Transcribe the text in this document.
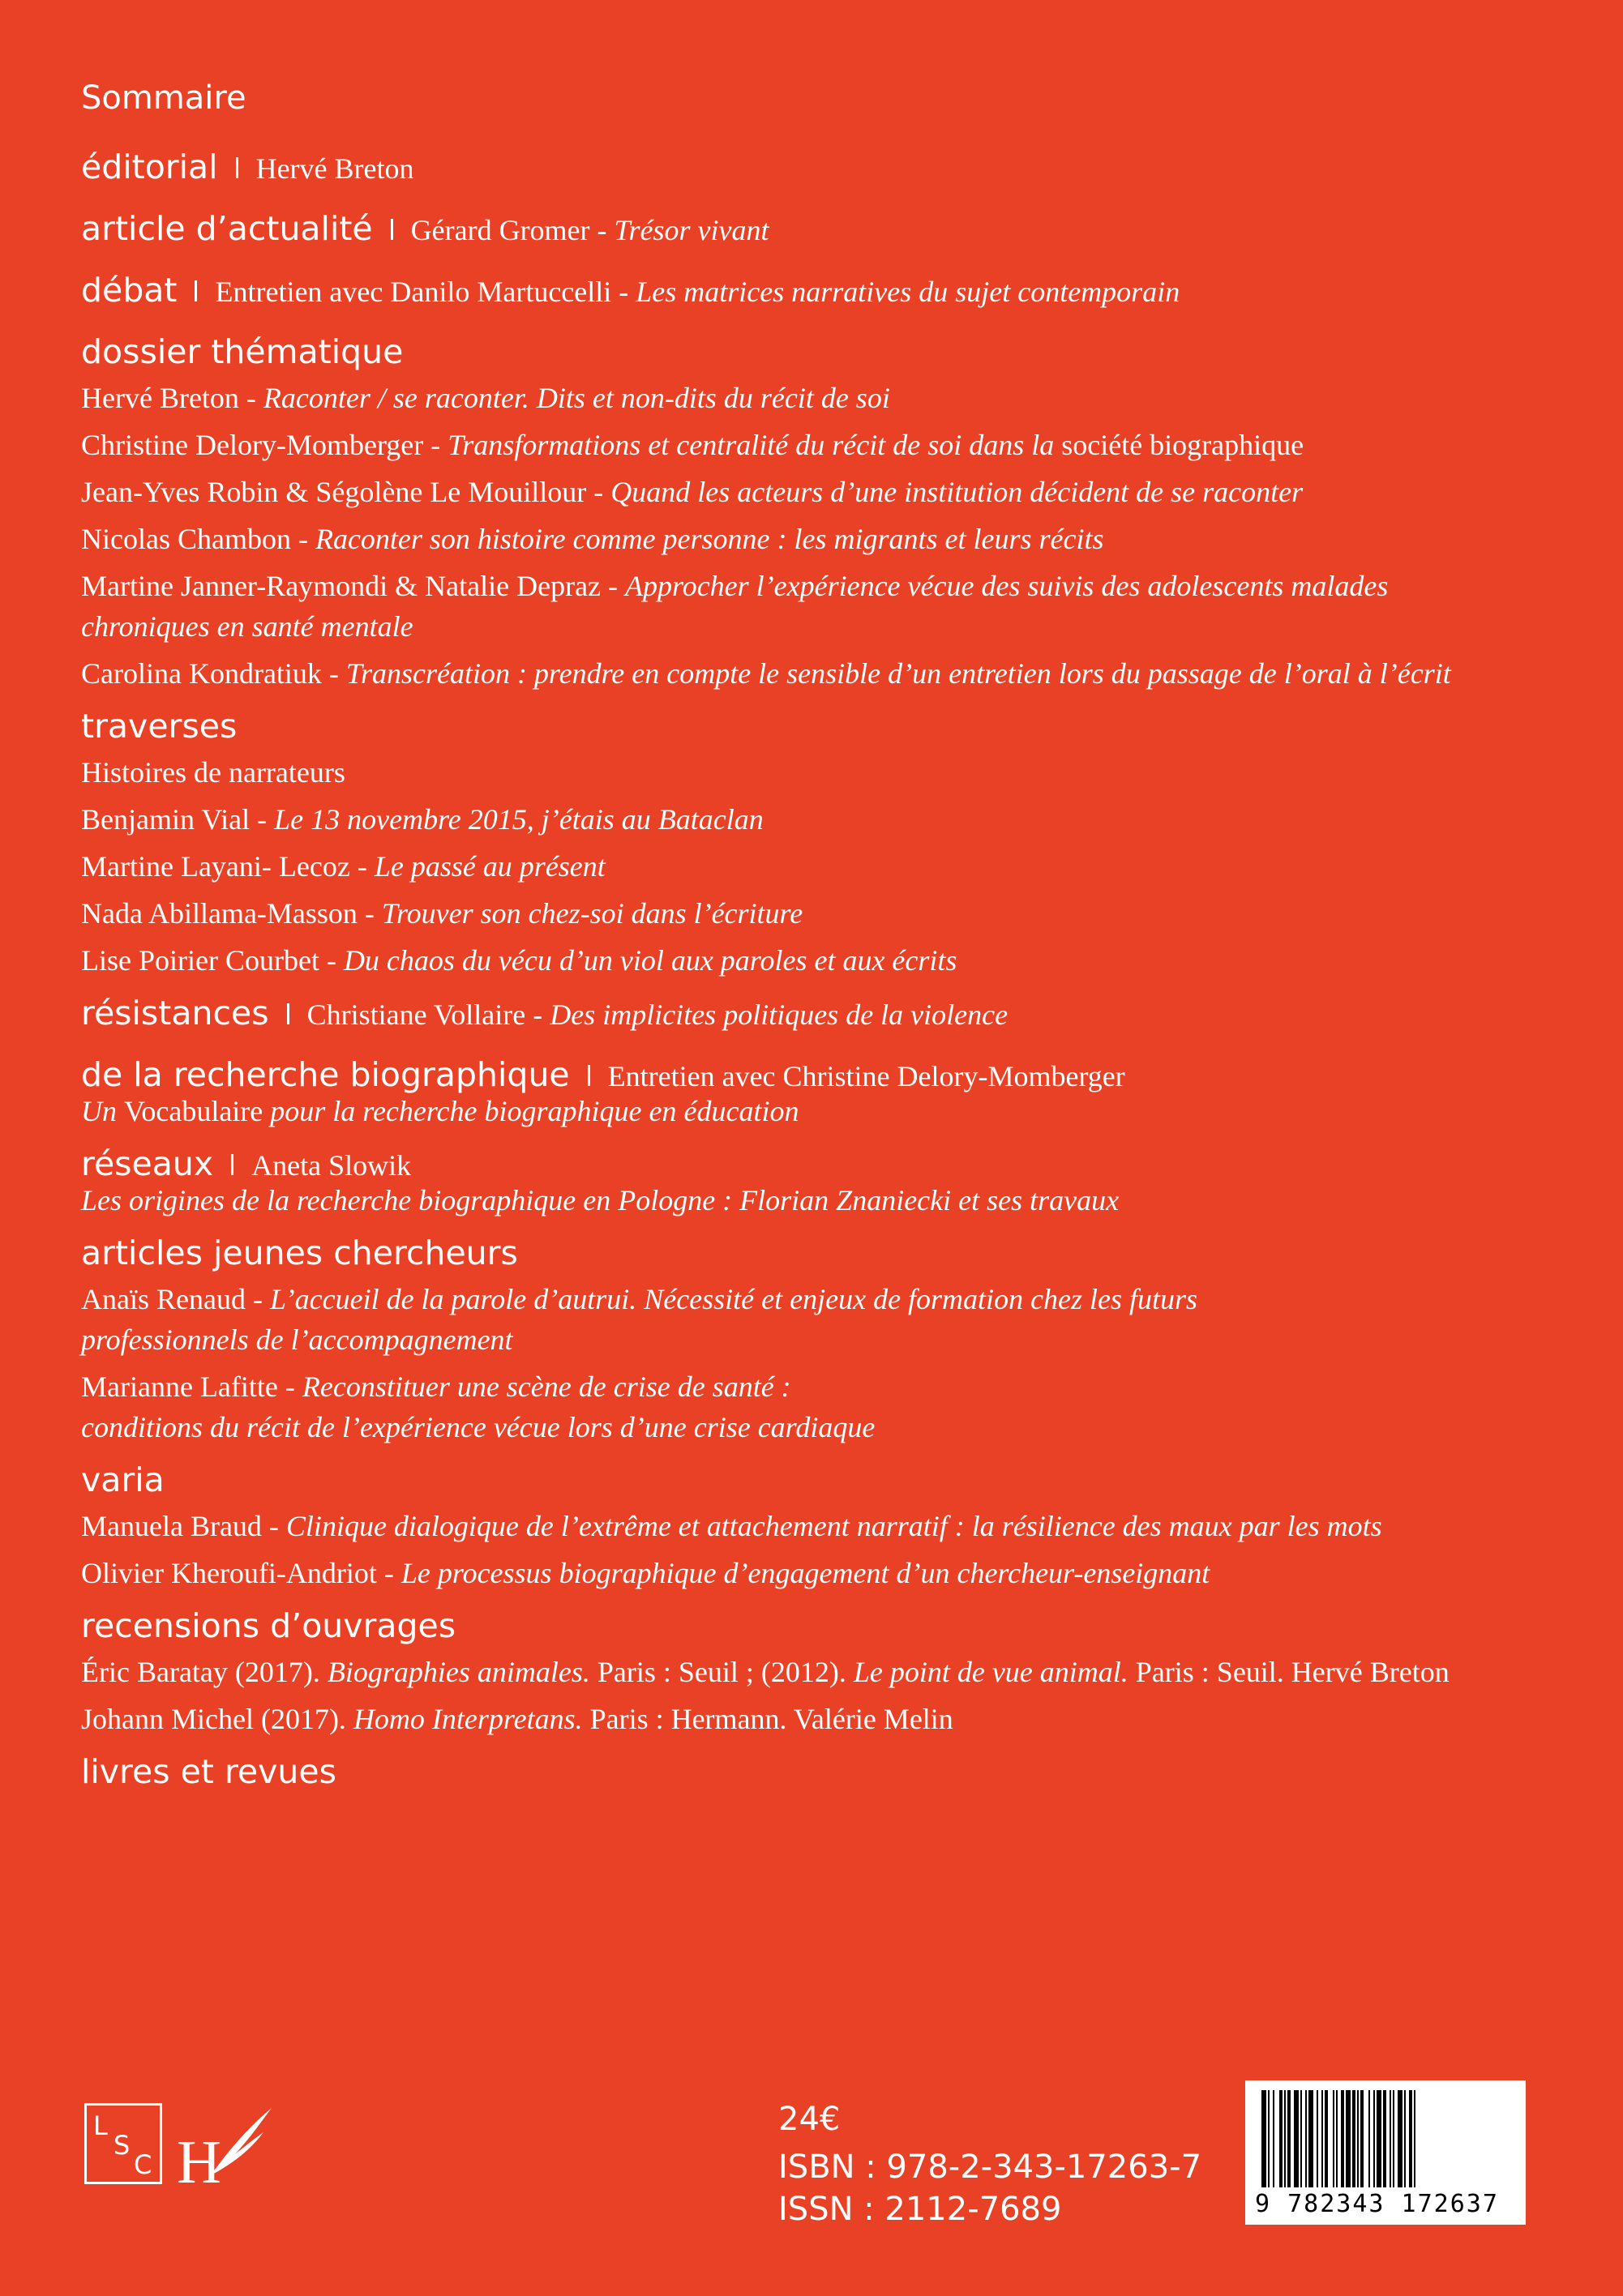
Sommaire
éditorial Hervé Breton
article d’actualité Gérard Gromer - Trésor vivant
débat Entretien avec Danilo Martuccelli - Les matrices narratives du sujet contemporain
dossier thématique
Hervé Breton - Raconter / se raconter. Dits et non-dits du récit de soi
Christine Delory-Momberger - Transformations et centralité du récit de soi dans la société biographique
Jean-Yves Robin & Ségolène Le Mouillour - Quand les acteurs d’une institution décident de se raconter
Nicolas Chambon - Raconter son histoire comme personne : les migrants et leurs récits
Martine Janner-Raymondi & Natalie Depraz - Approcher l’expérience vécue des suivis des adolescents malades
chroniques en santé mentale
Carolina Kondratiuk - Transcréation : prendre en compte le sensible d’un entretien lors du passage de l’oral à l’écrit
traverses
Histoires de narrateurs
Benjamin Vial - Le 13 novembre 2015, j’étais au Bataclan
Martine Layani- Lecoz - Le passé au présent
Nada Abillama-Masson - Trouver son chez-soi dans l’écriture
Lise Poirier Courbet - Du chaos du vécu d’un viol aux paroles et aux écrits
résistances Christiane Vollaire - Des implicites politiques de la violence
de la recherche biographique Entretien avec Christine Delory-Momberger
Un Vocabulaire pour la recherche biographique en éducation
réseaux Aneta Slowik
Les origines de la recherche biographique en Pologne : Florian Znaniecki et ses travaux
articles jeunes chercheurs
Anaïs Renaud - L’accueil de la parole d’autrui. Nécessité et enjeux de formation chez les futurs
professionnels de l’accompagnement
Marianne Lafitte - Reconstituer une scène de crise de santé :
conditions du récit de l’expérience vécue lors d’une crise cardiaque
varia
Manuela Braud - Clinique dialogique de l’extrême et attachement narratif : la résilience des maux par les mots
Olivier Kheroufi-Andriot - Le processus biographique d’engagement d’un chercheur-enseignant
recensions d’ouvrages
Éric Baratay (2017). Biographies animales. Paris : Seuil ; (2012). Le point de vue animal. Paris : Seuil. Hervé Breton
Johann Michel (2017). Homo Interpretans. Paris : Hermann. Valérie Melin
livres et revues
L
S
C H
24€
ISBN : 978-2-343-17263-7
ISSN : 2112-7689	9 782343 172637
